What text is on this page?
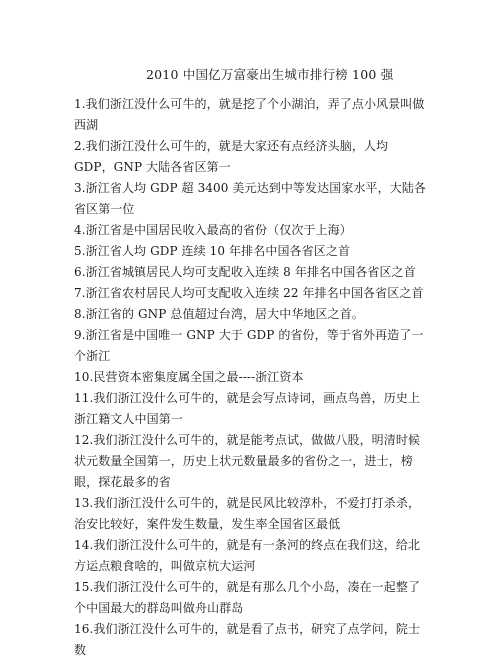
2010 中国亿万富豪出生城市排行榜 100 强
1.我们浙江没什么可牛的，就是挖了个小湖泊，弄了点小风景叫做西湖
2.我们浙江没什么可牛的，就是大家还有点经济头脑，人均 GDP，GNP 大陆各省区第一
3.浙江省人均 GDP 超 3400 美元达到中等发达国家水平，大陆各省区第一位
4.浙江省是中国居民收入最高的省份（仅次于上海）
5.浙江省人均 GDP 连续 10 年排名中国各省区之首
6.浙江省城镇居民人均可支配收入连续 8 年排名中国各省区之首
7.浙江省农村居民人均可支配收入连续 22 年排名中国各省区之首
8.浙江省的 GNP 总值超过台湾，居大中华地区之首。
9.浙江省是中国唯一 GNP 大于 GDP 的省份，等于省外再造了一个浙江
10.民营资本密集度属全国之最----浙江资本
11.我们浙江没什么可牛的，就是会写点诗词，画点鸟兽，历史上浙江籍文人中国第一
12.我们浙江没什么可牛的，就是能考点试，做做八股，明清时候状元数量全国第一，历史上状元数量最多的省份之一，进士，榜眼，探花最多的省
13.我们浙江没什么可牛的，就是民风比较淳朴，不爱打打杀杀，治安比较好，案件发生数量，发生率全国省区最低
14.我们浙江没什么可牛的，就是有一条河的终点在我们这，给北方运点粮食啥的，叫做京杭大运河
15.我们浙江没什么可牛的，就是有那么几个小岛，凑在一起整了个中国最大的群岛叫做舟山群岛
16.我们浙江没什么可牛的，就是看了点书，研究了点学问，院士数
